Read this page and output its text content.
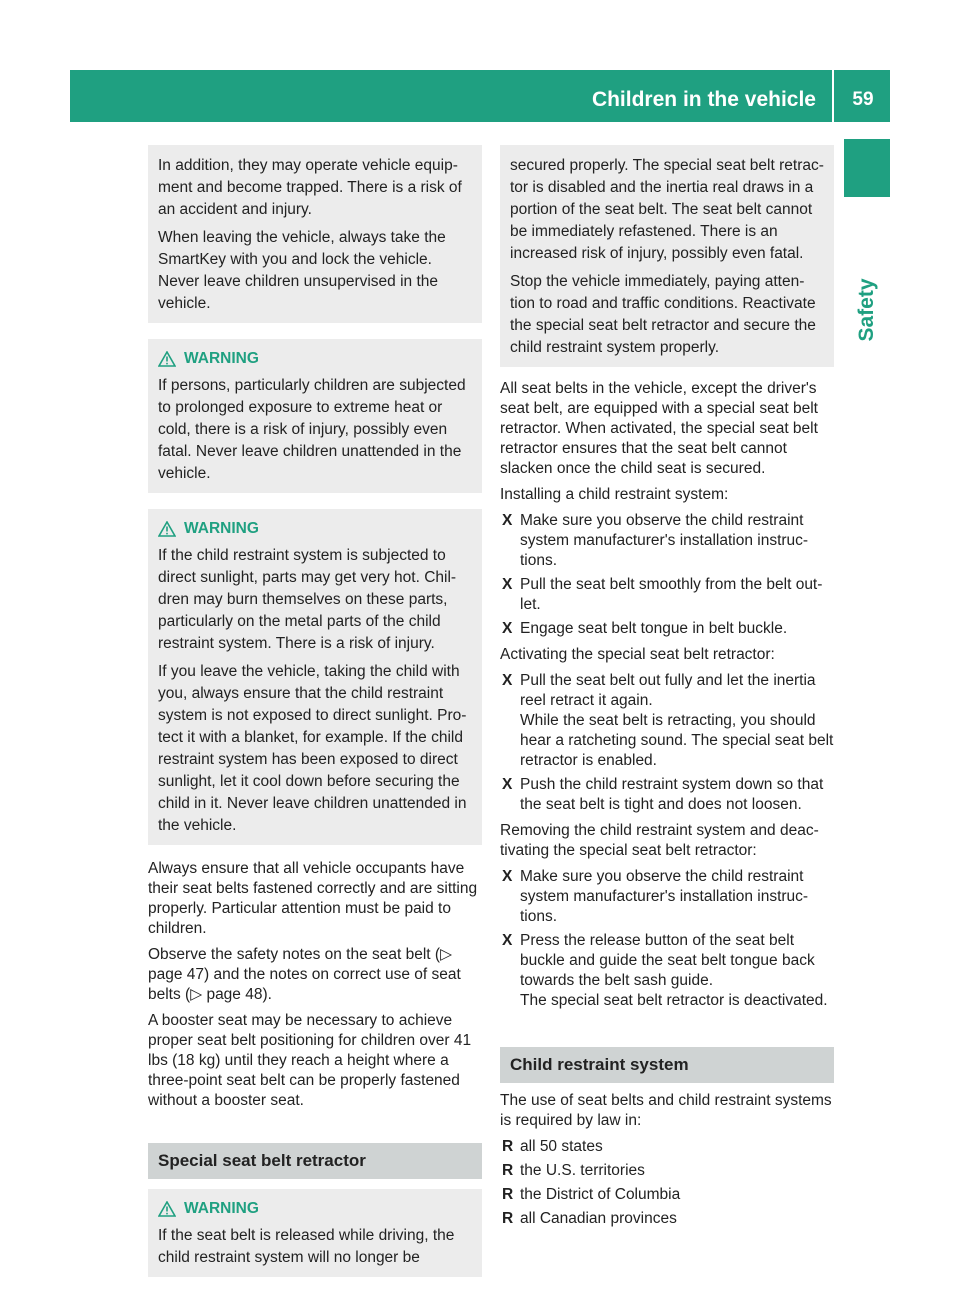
Children in the vehicle	59
Safety

In addition, they may operate vehicle equip-ment and become trapped. There is a risk of an accident and injury.

When leaving the vehicle, always take the SmartKey with you and lock the vehicle. Never leave children unsupervised in the vehicle.

WARNING

If persons, particularly children are subjected to prolonged exposure to extreme heat or cold, there is a risk of injury, possibly even fatal. Never leave children unattended in the vehicle.

WARNING

If the child restraint system is subjected to direct sunlight, parts may get very hot. Chil-dren may burn themselves on these parts, particularly on the metal parts of the child restraint system. There is a risk of injury.

If you leave the vehicle, taking the child with you, always ensure that the child restraint system is not exposed to direct sunlight. Pro-tect it with a blanket, for example. If the child restraint system has been exposed to direct sunlight, let it cool down before securing the child in it. Never leave children unattended in the vehicle.

Always ensure that all vehicle occupants have their seat belts fastened correctly and are sitting properly. Particular attention must be paid to children.

Observe the safety notes on the seat belt (▷ page 47) and the notes on correct use of seat belts (▷ page 48).

A booster seat may be necessary to achieve proper seat belt positioning for children over 41 lbs (18 kg) until they reach a height where a three-point seat belt can be properly fastened without a booster seat.

Special seat belt retractor
WARNING

If the seat belt is released while driving, the child restraint system will no longer be

secured properly. The special seat belt retrac-tor is disabled and the inertia real draws in a portion of the seat belt. The seat belt cannot be immediately refastened. There is an increased risk of injury, possibly even fatal.

Stop the vehicle immediately, paying atten-tion to road and traffic conditions. Reactivate the special seat belt retractor and secure the child restraint system properly.

All seat belts in the vehicle, except the driver's seat belt, are equipped with a special seat belt retractor. When activated, the special seat belt retractor ensures that the seat belt cannot slacken once the child seat is secured.

Installing a child restraint system:

X Make sure you observe the child restraint system manufacturer's installation instruc-tions.
X Pull the seat belt smoothly from the belt out-let.
X Engage seat belt tongue in belt buckle.

Activating the special seat belt retractor:

X Pull the seat belt out fully and let the inertia reel retract it again.
While the seat belt is retracting, you should hear a ratcheting sound. The special seat belt retractor is enabled.
X Push the child restraint system down so that the seat belt is tight and does not loosen.

Removing the child restraint system and deac-tivating the special seat belt retractor:

X Make sure you observe the child restraint system manufacturer's installation instruc-tions.
X Press the release button of the seat belt buckle and guide the seat belt tongue back towards the belt sash guide.
The special seat belt retractor is deactivated.
Child restraint system

The use of seat belts and child restraint systems is required by law in:

R all 50 states
R the U.S. territories
R the District of Columbia
R all Canadian provinces
